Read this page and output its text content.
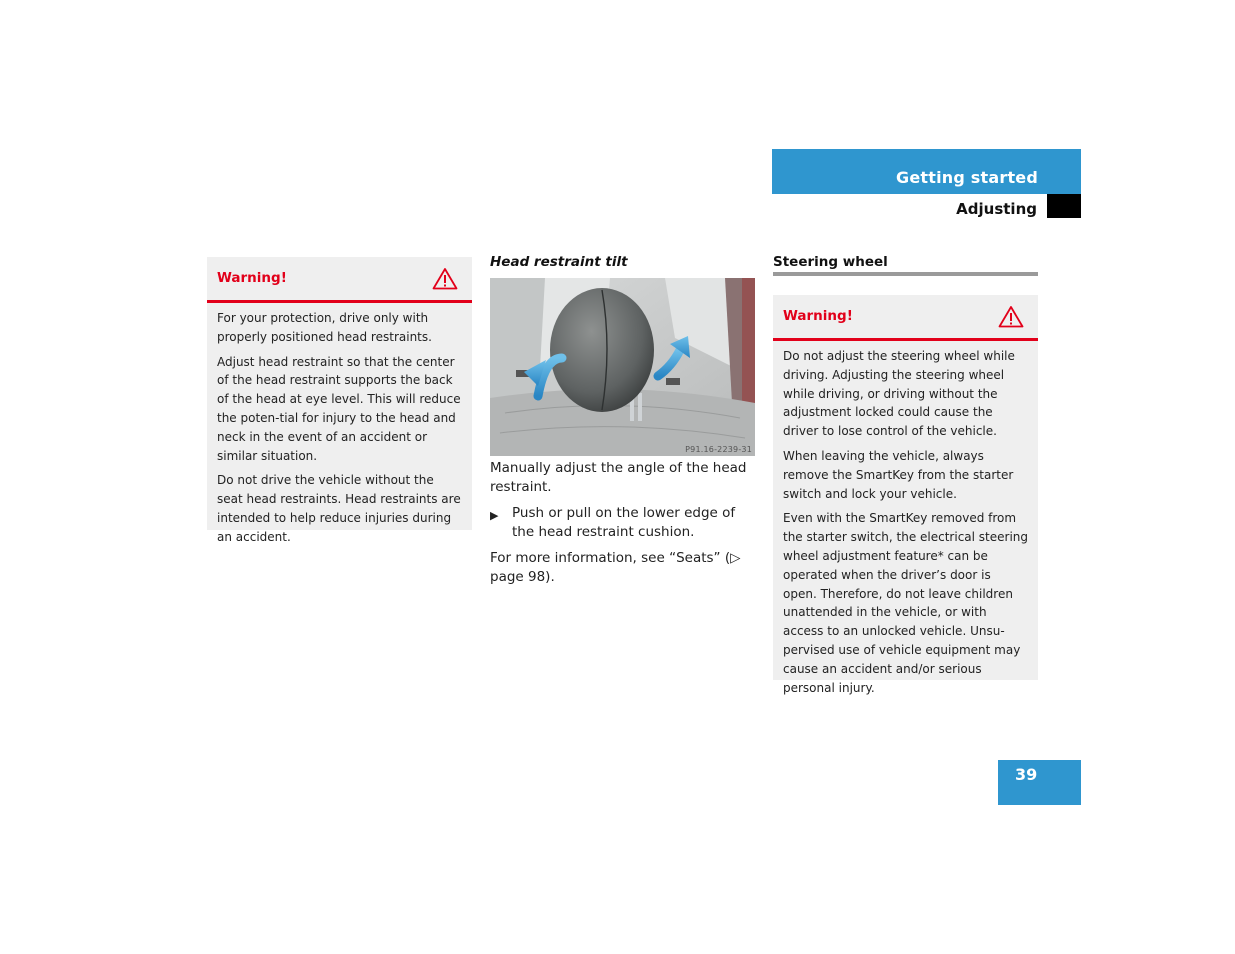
Getting started
Adjusting
Warning!

For your protection, drive only with properly positioned head restraints.

Adjust head restraint so that the center of the head restraint supports the back of the head at eye level. This will reduce the poten-tial for injury to the head and neck in the event of an accident or similar situation.

Do not drive the vehicle without the seat head restraints. Head restraints are intended to help reduce injuries during an accident.

Head restraint tilt
P91.16-2239-31
Manually adjust the angle of the head restraint.
▶ Push or pull on the lower edge of the head restraint cushion.
For more information, see “Seats” (▷ page 98).
Steering wheel
Warning!

Do not adjust the steering wheel while driving. Adjusting the steering wheel while driving, or driving without the adjustment locked could cause the driver to lose control of the vehicle.

When leaving the vehicle, always remove the SmartKey from the starter switch and lock your vehicle.

Even with the SmartKey removed from the starter switch, the electrical steering wheel adjustment feature* can be operated when the driver’s door is open. Therefore, do not leave children unattended in the vehicle, or with access to an unlocked vehicle. Unsu-pervised use of vehicle equipment may cause an accident and/or serious personal injury.

39
